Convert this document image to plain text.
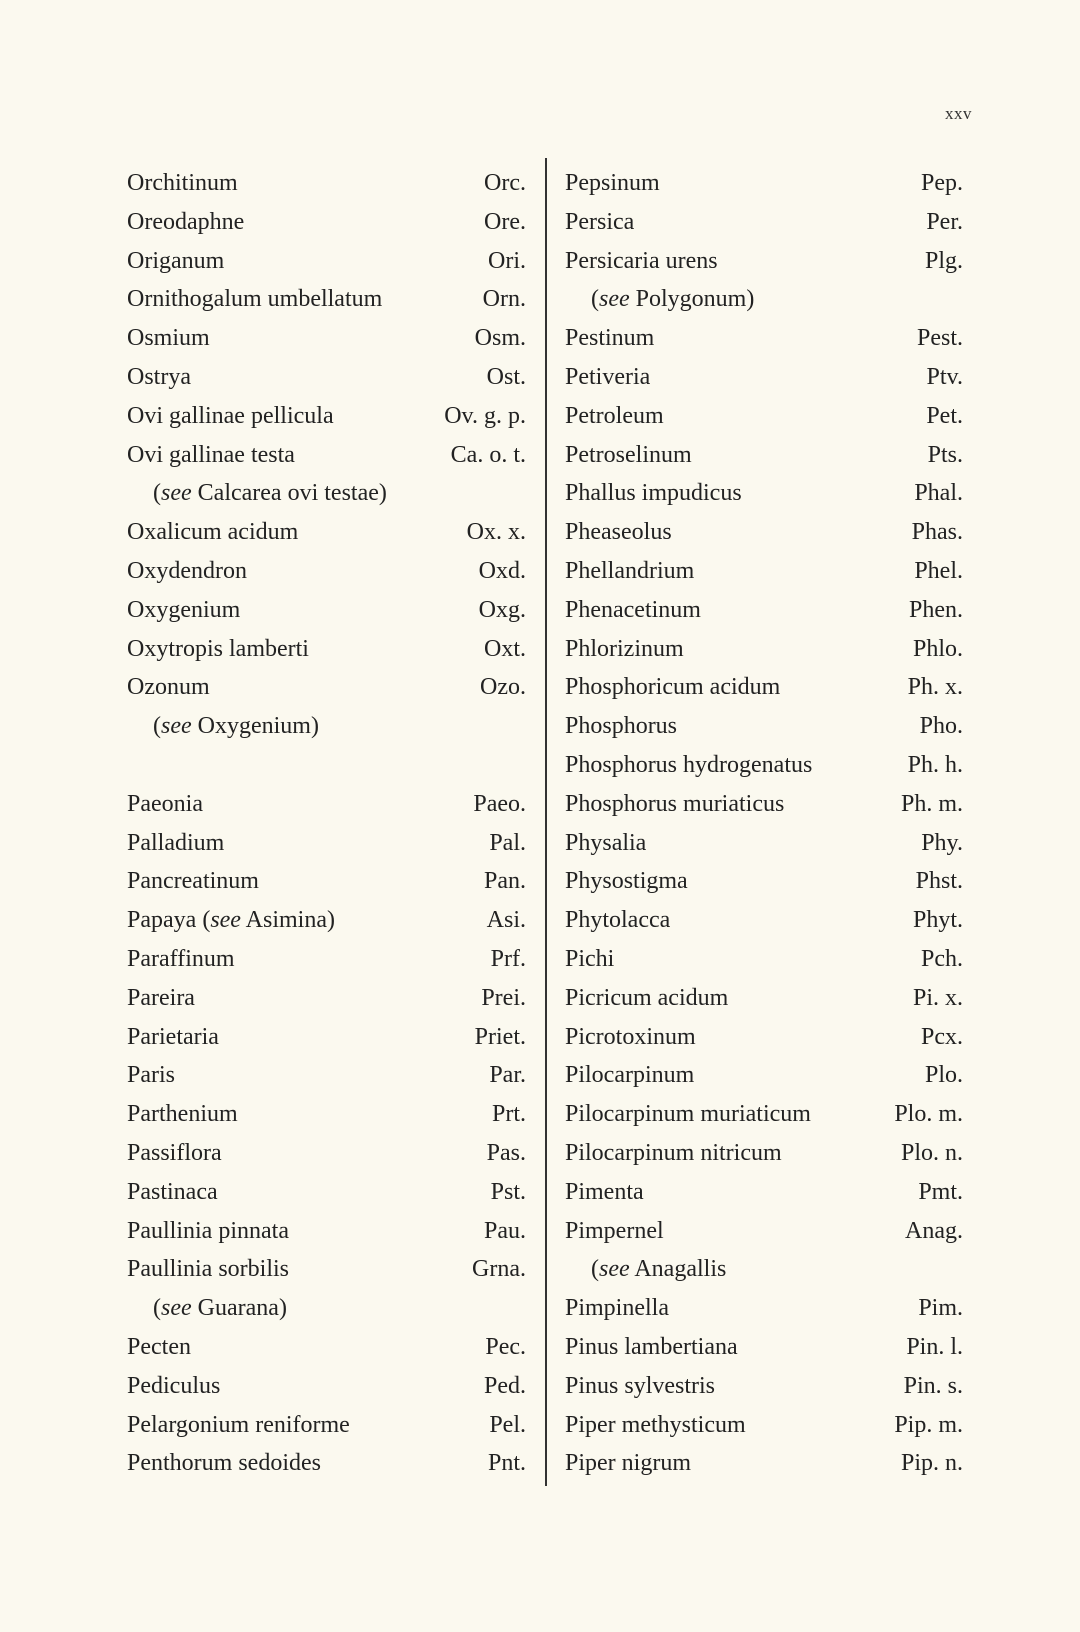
xxv
Orchitinum	Orc.
Oreodaphne	Ore.
Origanum	Ori.
Ornithogalum umbellatum	Orn.
Osmium	Osm.
Ostrya	Ost.
Ovi gallinae pellicula	Ov. g. p.
Ovi gallinae testa	Ca. o. t.
(see Calcarea ovi testae)
Oxalicum acidum	Ox. x.
Oxydendron	Oxd.
Oxygenium	Oxg.
Oxytropis lamberti	Oxt.
Ozonum	Ozo.
(see Oxygenium)

Paeonia	Paeo.
Palladium	Pal.
Pancreatinum	Pan.
Papaya (see Asimina)	Asi.
Paraffinum	Prf.
Pareira	Prei.
Parietaria	Priet.
Paris	Par.
Parthenium	Prt.
Passiflora	Pas.
Pastinaca	Pst.
Paullinia pinnata	Pau.
Paullinia sorbilis	Grna.
(see Guarana)
Pecten	Pec.
Pediculus	Ped.
Pelargonium reniforme	Pel.
Penthorum sedoides	Pnt.
Pepsinum	Pep.
Persica	Per.
Persicaria urens	Plg.
(see Polygonum)
Pestinum	Pest.
Petiveria	Ptv.
Petroleum	Pet.
Petroselinum	Pts.
Phallus impudicus	Phal.
Pheaseolus	Phas.
Phellandrium	Phel.
Phenacetinum	Phen.
Phlorizinum	Phlo.
Phosphoricum acidum	Ph. x.
Phosphorus	Pho.
Phosphorus hydrogenatus	Ph. h.
Phosphorus muriaticus	Ph. m.
Physalia	Phy.
Physostigma	Phst.
Phytolacca	Phyt.
Pichi	Pch.
Picricum acidum	Pi. x.
Picrotoxinum	Pcx.
Pilocarpinum	Plo.
Pilocarpinum muriaticum	Plo. m.
Pilocarpinum nitricum	Plo. n.
Pimenta	Pmt.
Pimpernel	Anag.
(see Anagallis
Pimpinella	Pim.
Pinus lambertiana	Pin. l.
Pinus sylvestris	Pin. s.
Piper methysticum	Pip. m.
Piper nigrum	Pip. n.
